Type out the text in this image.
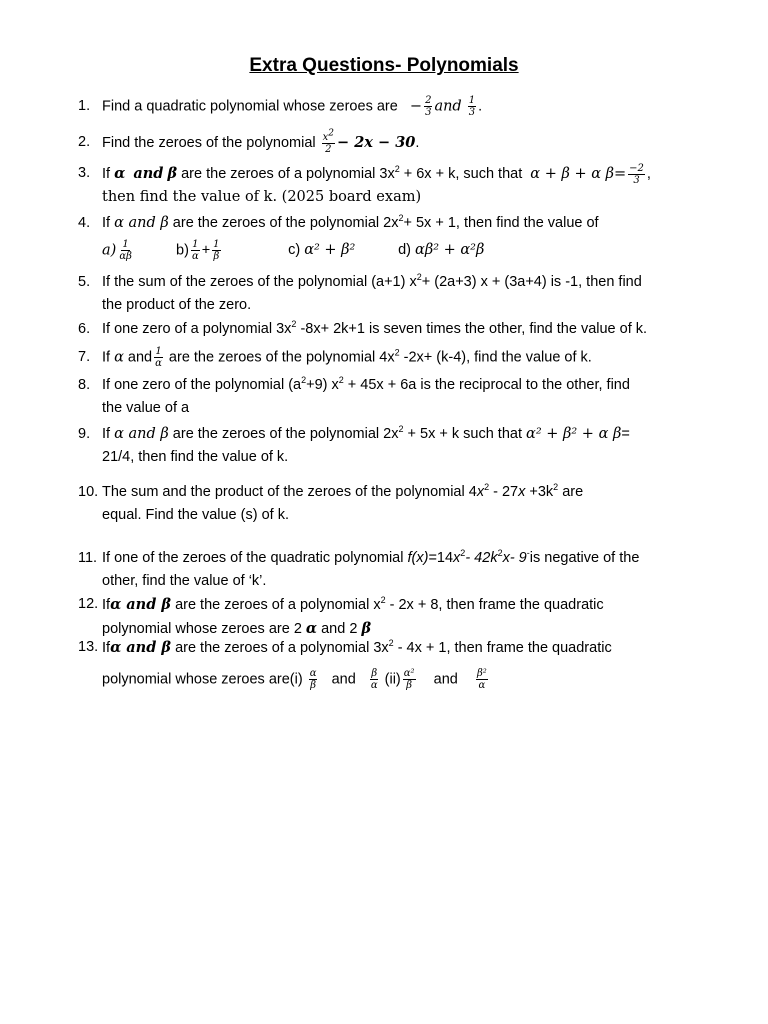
Extra Questions- Polynomials
1. Find a quadratic polynomial whose zeroes are − $\frac{2}{3}$ and $\frac{1}{3}$ .
2. Find the zeroes of the polynomial $\frac{x^2}{2} - 2x - 30$.
3. If α and β are the zeroes of a polynomial $3x^2 + 6x + k$, such that α + β + α $\beta= \frac{-2}{3}$ ,
then find the value of k. (2025 board exam)
4. If α and β are the zeroes of the polynomial $2x^2+ 5x + 1$, then find the value of
$a) \frac{1}{\alpha\beta}$	$b) \frac{1}{\alpha} + \frac{1}{\beta}$	c) α² + β²	d) αβ² + α²β
5. If the sum of the zeroes of the polynomial (a+1) $x^2+ (2a+3) x + (3a+4)$ is -1, then find
the product of the zero.
6. If one zero of a polynomial $3x^2$ -8x+ 2k+1 is seven times the other, find the value of k.
7. If α and $\frac{1}{\alpha}$ are the zeroes of the polynomial $4x^2$ -2x+ (k-4), find the value of k.
8. If one zero of the polynomial $(a^2+9) x^2 + 45x + 6a$ is the reciprocal to the other, find
the value of a
9. If α and β are the zeroes of the polynomial $2x^2 + 5x + k$ such that α² + β² + α β=
21/4, then find the value of k.
10. The sum and the product of the zeroes of the polynomial $4x^2 - 27x +3k^2$ are
equal. Find the value (s) of k.
11. If one of the zeroes of the quadratic polynomial $f(x)=14x^2-$ $42k^2x-$ 9-is negative of the
other, find the value of ‘k’.
12. Ifα and β are the zeroes of a polynomial $x^2 - 2x + 8$, then frame the quadratic
polynomial whose zeroes are 2 α and 2 β
13. Ifα and β are the zeroes of a polynomial $3x^2 - 4x + 1$, then frame the quadratic
polynomial whose zeroes $are(i) \frac{\alpha}{\beta}$ and $\frac{\beta}{\alpha} (ii) \frac{\text{α²}}{\beta}$ and $\frac{\text{β²}}{\alpha}$
